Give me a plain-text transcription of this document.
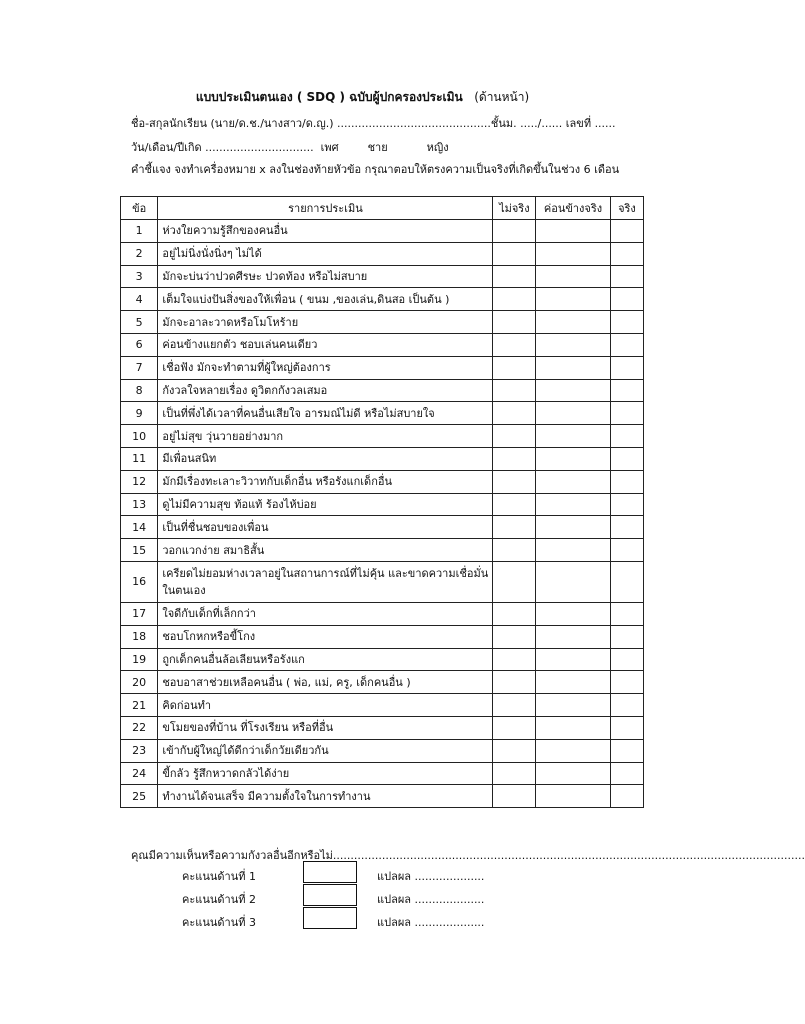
แบบประเมินตนเอง ( SDQ ) ฉบับผู้ปกครองประเมิน (ด้านหน้า)
ชื่อ-สกุลนักเรียน (นาย/ด.ช./นางสาว/ด.ญ.) ............................................ชั้นม. ...../...... เลขที่ ......
วัน/เดือน/ปีเกิด ............................... เพศ	ชาย	หญิง
คำชี้แจง จงทำเครื่องหมาย x ลงในช่องท้ายหัวข้อ กรุณาตอบให้ตรงความเป็นจริงที่เกิดขึ้นในช่วง 6 เดือน
ข้อ	รายการประเมิน	ไม่จริง	ค่อนข้างจริง	จริง
1	ห่วงใยความรู้สึกของคนอื่น			
2	อยู่ไม่นิ่งนั่งนิ่งๆ ไม่ได้			
3	มักจะบ่นว่าปวดศีรษะ ปวดท้อง หรือไม่สบาย			
4	เต็มใจแบ่งปันสิ่งของให้เพื่อน ( ขนม ,ของเล่น,ดินสอ เป็นต้น )			
5	มักจะอาละวาดหรือโมโหร้าย			
6	ค่อนข้างแยกตัว ชอบเล่นคนเดียว			
7	เชื่อฟัง มักจะทำตามที่ผู้ใหญ่ต้องการ			
8	กังวลใจหลายเรื่อง ดูวิตกกังวลเสมอ			
9	เป็นที่พึ่งได้เวลาที่คนอื่นเสียใจ อารมณ์ไม่ดี หรือไม่สบายใจ			
10	อยู่ไม่สุข วุ่นวายอย่างมาก			
11	มีเพื่อนสนิท			
12	มักมีเรื่องทะเลาะวิวาทกับเด็กอื่น หรือรังแกเด็กอื่น			
13	ดูไม่มีความสุข ท้อแท้ ร้องไห้บ่อย			
14	เป็นที่ชื่นชอบของเพื่อน			
15	วอกแวกง่าย สมาธิสั้น			
16	เครียดไม่ยอมห่างเวลาอยู่ในสถานการณ์ที่ไม่คุ้น และขาดความเชื่อมั่นในตนเอง			
17	ใจดีกับเด็กที่เล็กกว่า			
18	ชอบโกหกหรือขี้โกง			
19	ถูกเด็กคนอื่นล้อเลียนหรือรังแก			
20	ชอบอาสาช่วยเหลือคนอื่น ( พ่อ, แม่, ครู, เด็กคนอื่น )			
21	คิดก่อนทำ			
22	ขโมยของที่บ้าน ที่โรงเรียน หรือที่อื่น			
23	เข้ากับผู้ใหญ่ได้ดีกว่าเด็กวัยเดียวกัน			
24	ขี้กลัว รู้สึกหวาดกลัวได้ง่าย			
25	ทำงานได้จนเสร็จ มีความตั้งใจในการทำงาน			
คุณมีความเห็นหรือความกังวลอื่นอีกหรือไม่.......................................................................................................................................
คะแนนด้านที่ 1	แปลผล ....................
คะแนนด้านที่ 2	แปลผล ....................
คะแนนด้านที่ 3	แปลผล ....................
